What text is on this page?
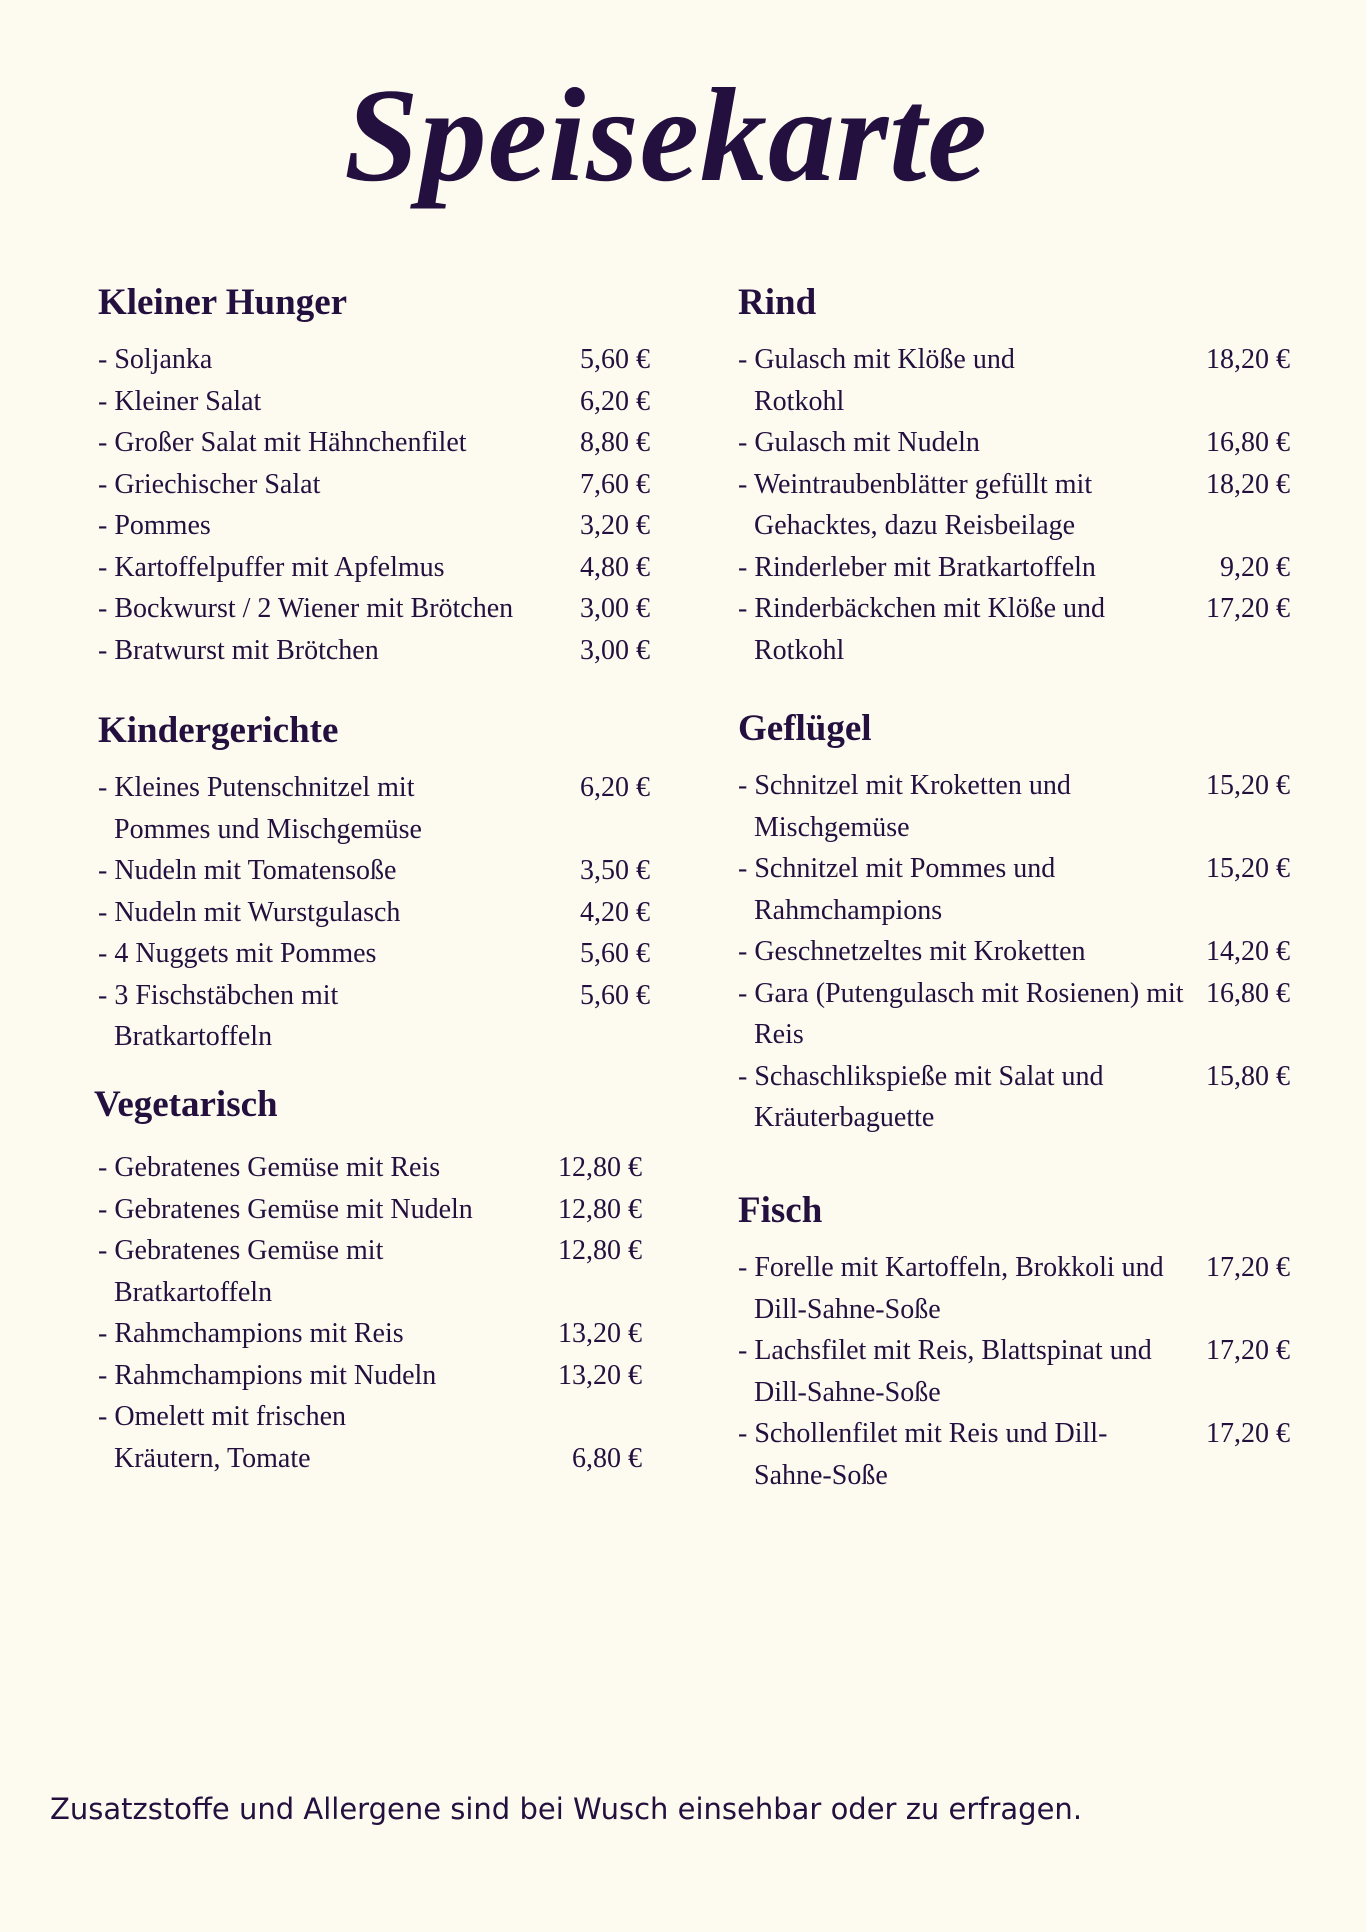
Speisekarte
Kleiner Hunger
- Soljanka	5,60 €
- Kleiner Salat	6,20 €
- Großer Salat mit Hähnchenfilet	8,80 €
- Griechischer Salat	7,60 €
- Pommes	3,20 €
- Kartoffelpuffer mit Apfelmus	4,80 €
- Bockwurst / 2 Wiener mit Brötchen	3,00 €
- Bratwurst mit Brötchen	3,00 €
Kindergerichte
- Kleines Putenschnitzel mit Pommes und Mischgemüse
6,20 €
- Nudeln mit Tomatensoße	3,50 €
- Nudeln mit Wurstgulasch	4,20 €
- 4 Nuggets mit Pommes	5,60 €
- 3 Fischstäbchen mit Bratkartoffeln
5,60 €
Vegetarisch
- Gebratenes Gemüse mit Reis	12,80 €
- Gebratenes Gemüse mit Nudeln	12,80 €
- Gebratenes Gemüse mit Bratkartoffeln
12,80 €
- Rahmchampions mit Reis	13,20 €
- Rahmchampions mit Nudeln	13,20 €
- Omelett mit frischen Kräutern, Tomate	6,80 €
Rind
- Gulasch mit Klöße und Rotkohl
18,20 €
- Gulasch mit Nudeln	16,80 €
- Weintraubenblätter gefüllt mit Gehacktes, dazu Reisbeilage
18,20 €
- Rinderleber mit Bratkartoffeln	9,20 €
- Rinderbäckchen mit Klöße und Rotkohl
17,20 €
Geflügel
- Schnitzel mit Kroketten und Mischgemüse
15,20 €
- Schnitzel mit Pommes und Rahmchampions
15,20 €
- Geschnetzeltes mit Kroketten	14,20 €
- Gara (Putengulasch mit Rosienen) mit Reis
16,80 €
- Schaschlikspieße mit Salat und Kräuterbaguette
15,80 €
Fisch
- Forelle mit Kartoffeln, Brokkoli und Dill-Sahne-Soße
17,20 €
- Lachsfilet mit Reis, Blattspinat und Dill-Sahne-Soße
17,20 €
- Schollenfilet mit Reis und Dill-Sahne-Soße
17,20 €
Zusatzstoffe und Allergene sind bei Wusch einsehbar oder zu erfragen.
